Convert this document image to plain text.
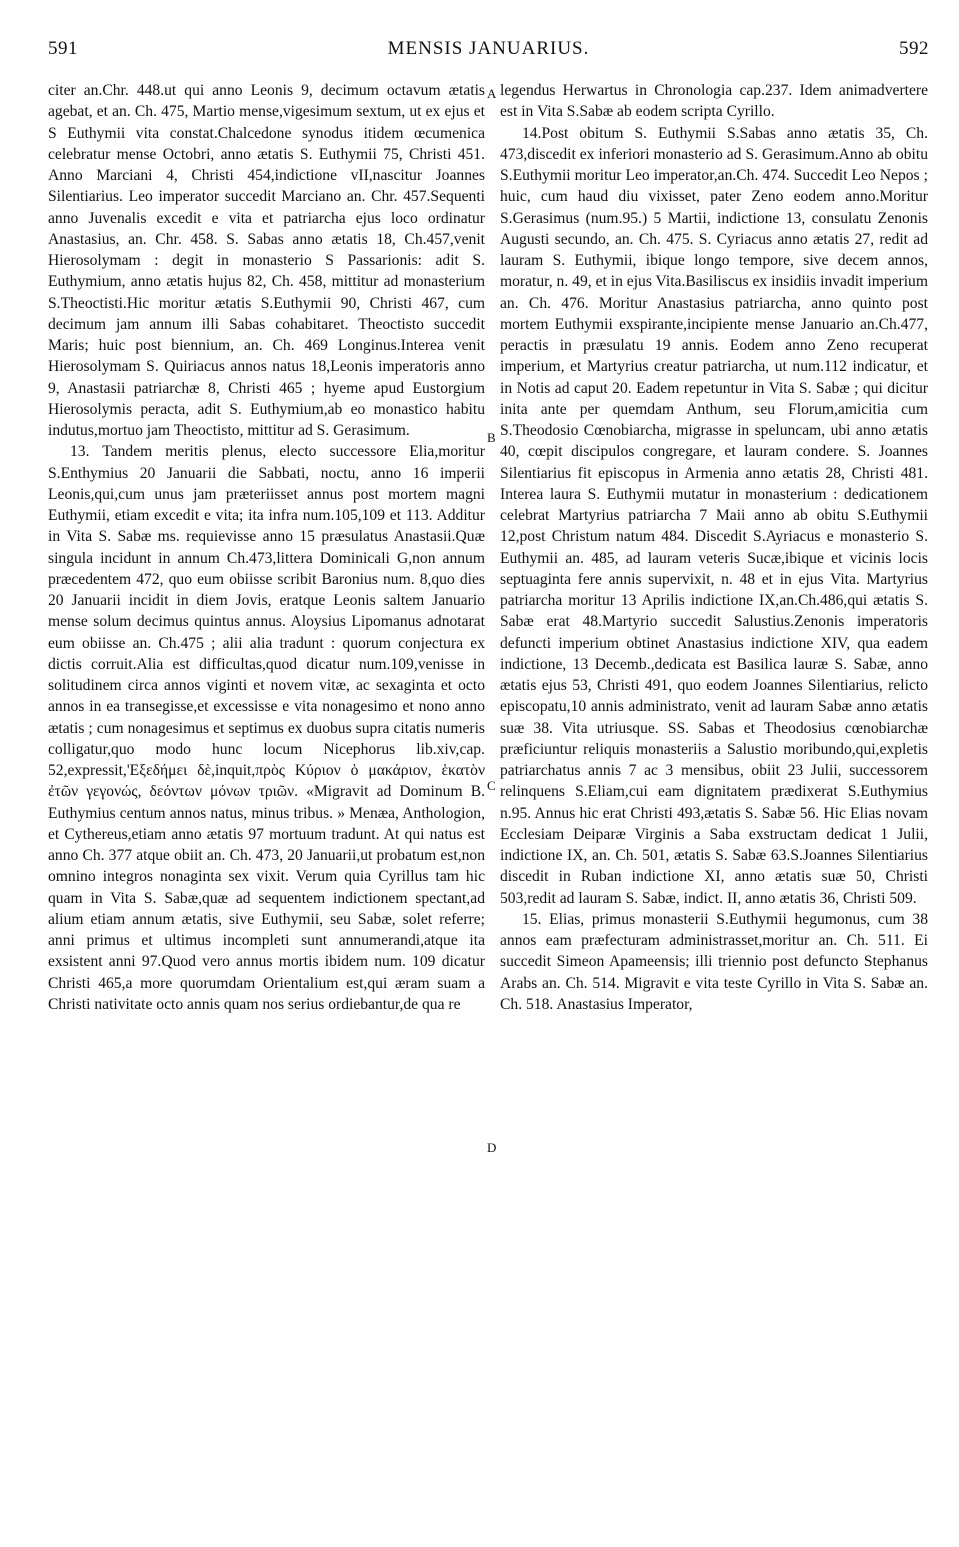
591	MENSIS JANUARIUS.	592
A
B
C
D

citer an.Chr. 448.ut qui anno Leonis 9, decimum octavum ætatis agebat, et an. Ch. 475, Martio mense,vigesimum sextum, ut ex ejus et S Euthymii vita constat.Chalcedone synodus itidem œcumenica celebratur mense Octobri, anno ætatis S. Euthymii 75, Christi 451. Anno Marciani 4, Christi 454,indictione vII,nascitur Joannes Silentiarius. Leo imperator succedit Marciano an. Chr. 457.Sequenti anno Juvenalis excedit e vita et patriarcha ejus loco ordinatur Anastasius, an. Chr. 458. S. Sabas anno ætatis 18, Ch.457,venit Hierosolymam : degit in monasterio S Passarionis: adit S. Euthymium, anno ætatis hujus 82, Ch. 458, mittitur ad monasterium S.Theoctisti.Hic moritur ætatis S.Euthymii 90, Christi 467, cum decimum jam annum illi Sabas cohabitaret. Theoctisto succedit Maris; huic post biennium, an. Ch. 469 Longinus.Interea venit Hierosolymam S. Quiriacus annos natus 18,Leonis imperatoris anno 9, Anastasii patriarchæ 8, Christi 465 ; hyeme apud Eustorgium Hierosolymis peracta, adit S. Euthymium,ab eo monastico habitu indutus,mortuo jam Theoctisto, mittitur ad S. Gerasimum.

13. Tandem meritis plenus, electo successore Elia,moritur S.Enthymius 20 Januarii die Sabbati, noctu, anno 16 imperii Leonis,qui,cum unus jam præteriisset annus post mortem magni Euthymii, etiam excedit e vita; ita infra num.105,109 et 113. Additur in Vita S. Sabæ ms. requievisse anno 15 præsulatus Anastasii.Quæ singula incidunt in annum Ch.473,littera Dominicali G,non annum præcedentem 472, quo eum obiisse scribit Baronius num. 8,quo dies 20 Januarii incidit in diem Jovis, eratque Leonis saltem Januario mense solum decimus quintus annus. Aloysius Lipomanus adnotarat eum obiisse an. Ch.475 ; alii alia tradunt : quorum conjectura ex dictis corruit.Alia est difficultas,quod dicatur num.109,venisse in solitudinem circa annos viginti et novem vitæ, ac sexaginta et octo annos in ea transegisse,et excessisse e vita nonagesimo et nono anno ætatis ; cum nonagesimus et septimus ex duobus supra citatis numeris colligatur,quo modo hunc locum Nicephorus lib.xiv,cap. 52,expressit,'Εξεδήμει δὲ,inquit,πρὸς Κύριον ὁ μακάριον, ἑκατὸν ἐτῶν γεγονώς, δεόντων μόνων τριῶν. «Migravit ad Dominum B. Euthymius centum annos natus, minus tribus. » Menæa, Anthologion, et Cythereus,etiam anno ætatis 97 mortuum tradunt. At qui natus est anno Ch. 377 atque obiit an. Ch. 473, 20 Januarii,ut probatum est,non omnino integros nonaginta sex vixit. Verum quia Cyrillus tam hic quam in Vita S. Sabæ,quæ ad sequentem indictionem spectant,ad alium etiam annum ætatis, sive Euthymii, seu Sabæ, solet referre; anni primus et ultimus incompleti sunt annumerandi,atque ita exsistent anni 97.Quod vero annus mortis ibidem num. 109 dicatur Christi 465,a more quorumdam Orientalium est,qui æram suam a Christi nativitate octo annis quam nos serius ordiebantur,de qua re

legendus Herwartus in Chronologia cap.237. Idem animadvertere est in Vita S.Sabæ ab eodem scripta Cyrillo.

14.Post obitum S. Euthymii S.Sabas anno ætatis 35, Ch. 473,discedit ex inferiori monasterio ad S. Gerasimum.Anno ab obitu S.Euthymii moritur Leo imperator,an.Ch. 474. Succedit Leo Nepos ; huic, cum haud diu vixisset, pater Zeno eodem anno.Moritur S.Gerasimus (num.95.) 5 Martii, indictione 13, consulatu Zenonis Augusti secundo, an. Ch. 475. S. Cyriacus anno ætatis 27, redit ad lauram S. Euthymii, ibique longo tempore, sive decem annos, moratur, n. 49, et in ejus Vita.Basiliscus ex insidiis invadit imperium an. Ch. 476. Moritur Anastasius patriarcha, anno quinto post mortem Euthymii exspirante,incipiente mense Januario an.Ch.477, peractis in præsulatu 19 annis. Eodem anno Zeno recuperat imperium, et Martyrius creatur patriarcha, ut num.112 indicatur, et in Notis ad caput 20. Eadem repetuntur in Vita S. Sabæ ; qui dicitur inita ante per quemdam Anthum, seu Florum,amicitia cum S.Theodosio Cœnobiarcha, migrasse in speluncam, ubi anno ætatis 40, cœpit discipulos congregare, et lauram condere. S. Joannes Silentiarius fit episcopus in Armenia anno ætatis 28, Christi 481. Interea laura S. Euthymii mutatur in monasterium : dedicationem celebrat Martyrius patriarcha 7 Maii anno ab obitu S.Euthymii 12,post Christum natum 484. Discedit S.Ayriacus e monasterio S. Euthymii an. 485, ad lauram veteris Sucæ,ibique et vicinis locis septuaginta fere annis supervixit, n. 48 et in ejus Vita. Martyrius patriarcha moritur 13 Aprilis indictione IX,an.Ch.486,qui ætatis S. Sabæ erat 48.Martyrio succedit Salustius.Zenonis imperatoris defuncti imperium obtinet Anastasius indictione XIV, qua eadem indictione, 13 Decemb.,dedicata est Basilica lauræ S. Sabæ, anno ætatis ejus 53, Christi 491, quo eodem Joannes Silentiarius, relicto episcopatu,10 annis administrato, venit ad lauram Sabæ anno ætatis suæ 38. Vita utriusque. SS. Sabas et Theodosius cœnobiarchæ præficiuntur reliquis monasteriis a Salustio moribundo,qui,expletis patriarchatus annis 7 ac 3 mensibus, obiit 23 Julii, successorem relinquens S.Eliam,cui eam dignitatem prædixerat S.Euthymius n.95. Annus hic erat Christi 493,ætatis S. Sabæ 56. Hic Elias novam Ecclesiam Deiparæ Virginis a Saba exstructam dedicat 1 Julii, indictione IX, an. Ch. 501, ætatis S. Sabæ 63.S.Joannes Silentiarius discedit in Ruban indictione XI, anno ætatis suæ 50, Christi 503,redit ad lauram S. Sabæ, indict. II, anno ætatis 36, Christi 509.

15. Elias, primus monasterii S.Euthymii hegumonus, cum 38 annos eam præfecturam administrasset,moritur an. Ch. 511. Ei succedit Simeon Apameensis; illi triennio post defuncto Stephanus Arabs an. Ch. 514. Migravit e vita teste Cyrillo in Vita S. Sabæ an. Ch. 518. Anastasius Imperator,
